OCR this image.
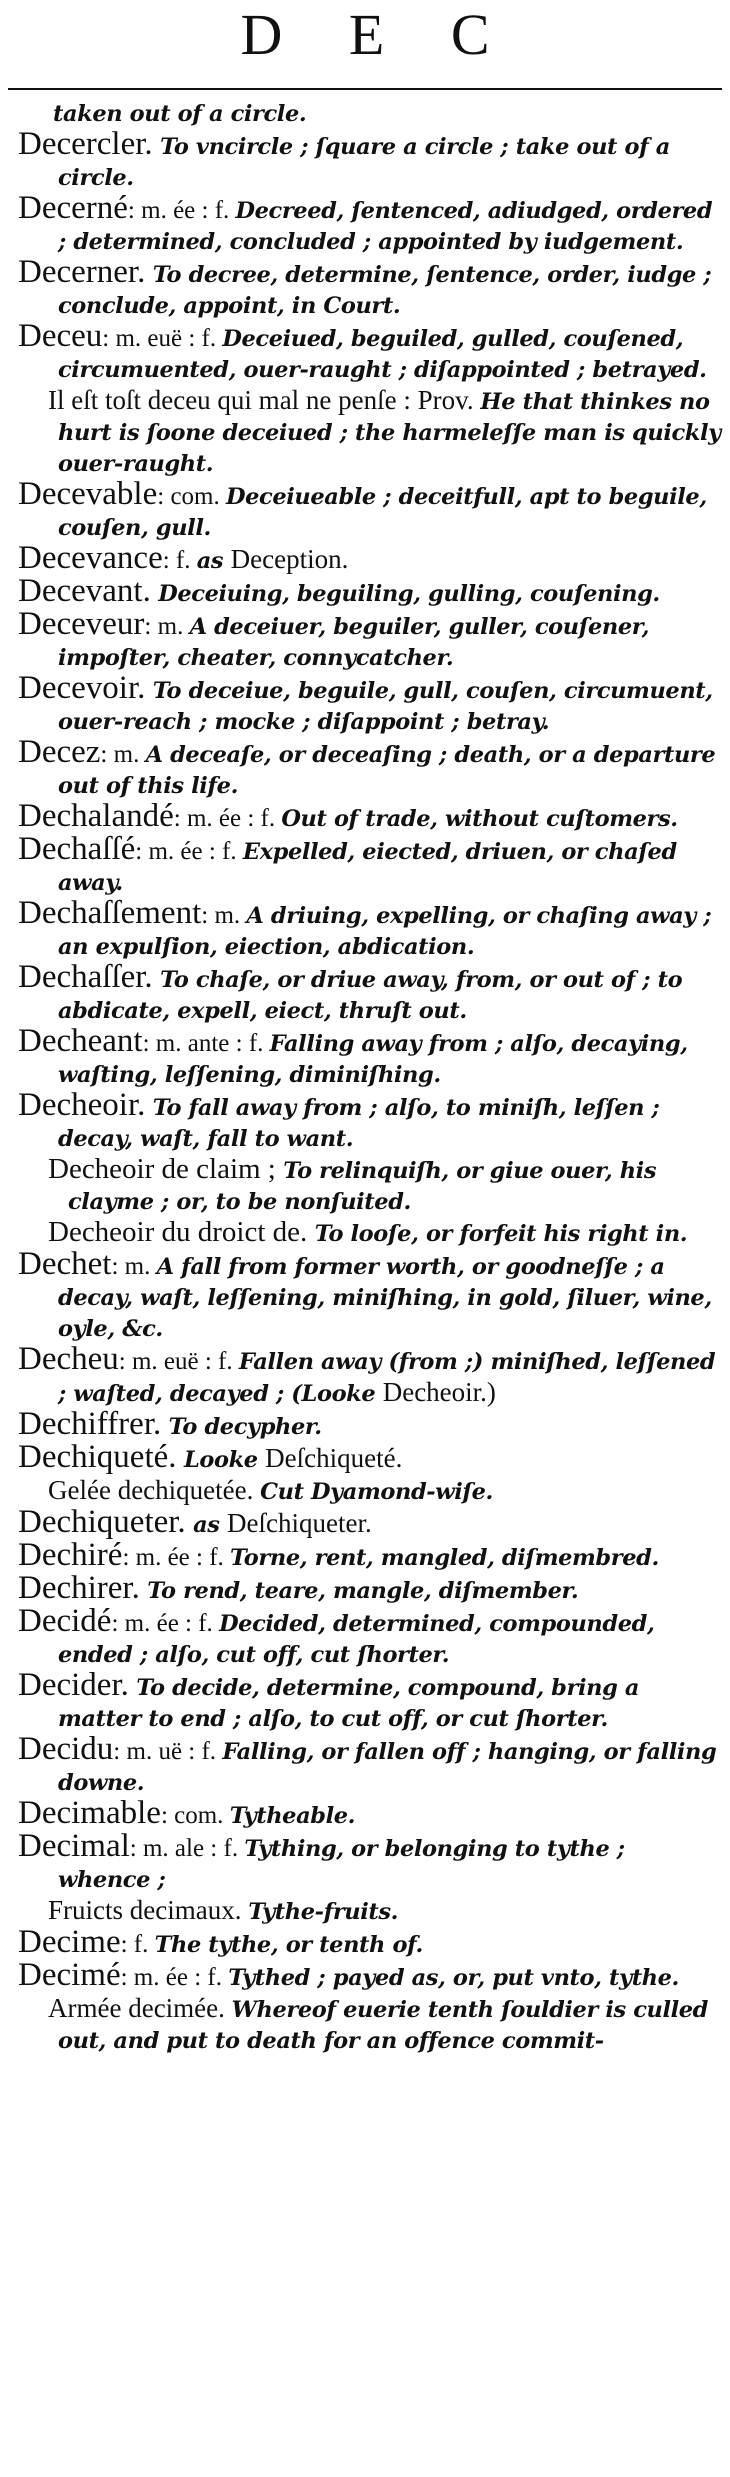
D E C

taken out of a circle.

Decercler. To vncircle ; ſquare a circle ; take out of a circle.

Decerné: m. ée : f. Decreed, ſentenced, adiudged, ordered ; determined, concluded ; appointed by iudgement.

Decerner. To decree, determine, ſentence, order, iudge ; conclude, appoint, in Court.

Deceu: m. euë : f. Deceiued, beguiled, gulled, couſened, circumuented, ouer-raught ; diſappointed ; betrayed.

Il eſt toſt deceu qui mal ne penſe : Prov. He that thinkes no hurt is ſoone deceiued ; the harmeleſſe man is quickly ouer-raught.

Decevable: com. Deceiueable ; deceitfull, apt to beguile, couſen, gull.

Decevance: f. as Deception.

Decevant. Deceiuing, beguiling, gulling, couſening.

Deceveur: m. A deceiuer, beguiler, guller, couſener, impoſter, cheater, connycatcher.

Decevoir. To deceiue, beguile, gull, couſen, circumuent, ouer-reach ; mocke ; diſappoint ; betray.

Decez: m. A deceaſe, or deceaſing ; death, or a departure out of this life.

Dechalandé: m. ée : f. Out of trade, without cuſtomers.

Dechaſſé: m. ée : f. Expelled, eiected, driuen, or chaſed away.

Dechaſſement: m. A driuing, expelling, or chaſing away ; an expulſion, eiection, abdication.

Dechaſſer. To chaſe, or driue away, from, or out of ; to abdicate, expell, eiect, thruſt out.

Decheant: m. ante : f. Falling away from ; alſo, decaying, waſting, leſſening, diminiſhing.

Decheoir. To fall away from ; alſo, to miniſh, leſſen ; decay, waſt, fall to want.

Decheoir de claim ; To relinquiſh, or giue ouer, his clayme ; or, to be nonſuited.

Decheoir du droict de. To looſe, or forfeit his right in.

Dechet: m. A fall from former worth, or goodneſſe ; a decay, waſt, leſſening, miniſhing, in gold, ſiluer, wine, oyle, &c.

Decheu: m. euë : f. Fallen away (from ;) miniſhed, leſſened ; waſted, decayed ; (Looke Decheoir.)

Dechiffrer. To decypher.

Dechiqueté. Looke Deſchiqueté.

Gelée dechiquetée. Cut Dyamond-wiſe.

Dechiqueter. as Deſchiqueter.

Dechiré: m. ée : f. Torne, rent, mangled, diſmembred.

Dechirer. To rend, teare, mangle, diſmember.

Decidé: m. ée : f. Decided, determined, compounded, ended ; alſo, cut off, cut ſhorter.

Decider. To decide, determine, compound, bring a matter to end ; alſo, to cut off, or cut ſhorter.

Decidu: m. uë : f. Falling, or fallen off ; hanging, or falling downe.

Decimable: com. Tytheable.

Decimal: m. ale : f. Tything, or belonging to tythe ; whence ;

Fruicts decimaux. Tythe-fruits.

Decime: f. The tythe, or tenth of.

Decimé: m. ée : f. Tythed ; payed as, or, put vnto, tythe.

Armée decimée. Whereof euerie tenth ſouldier is culled out, and put to death for an offence commit-
